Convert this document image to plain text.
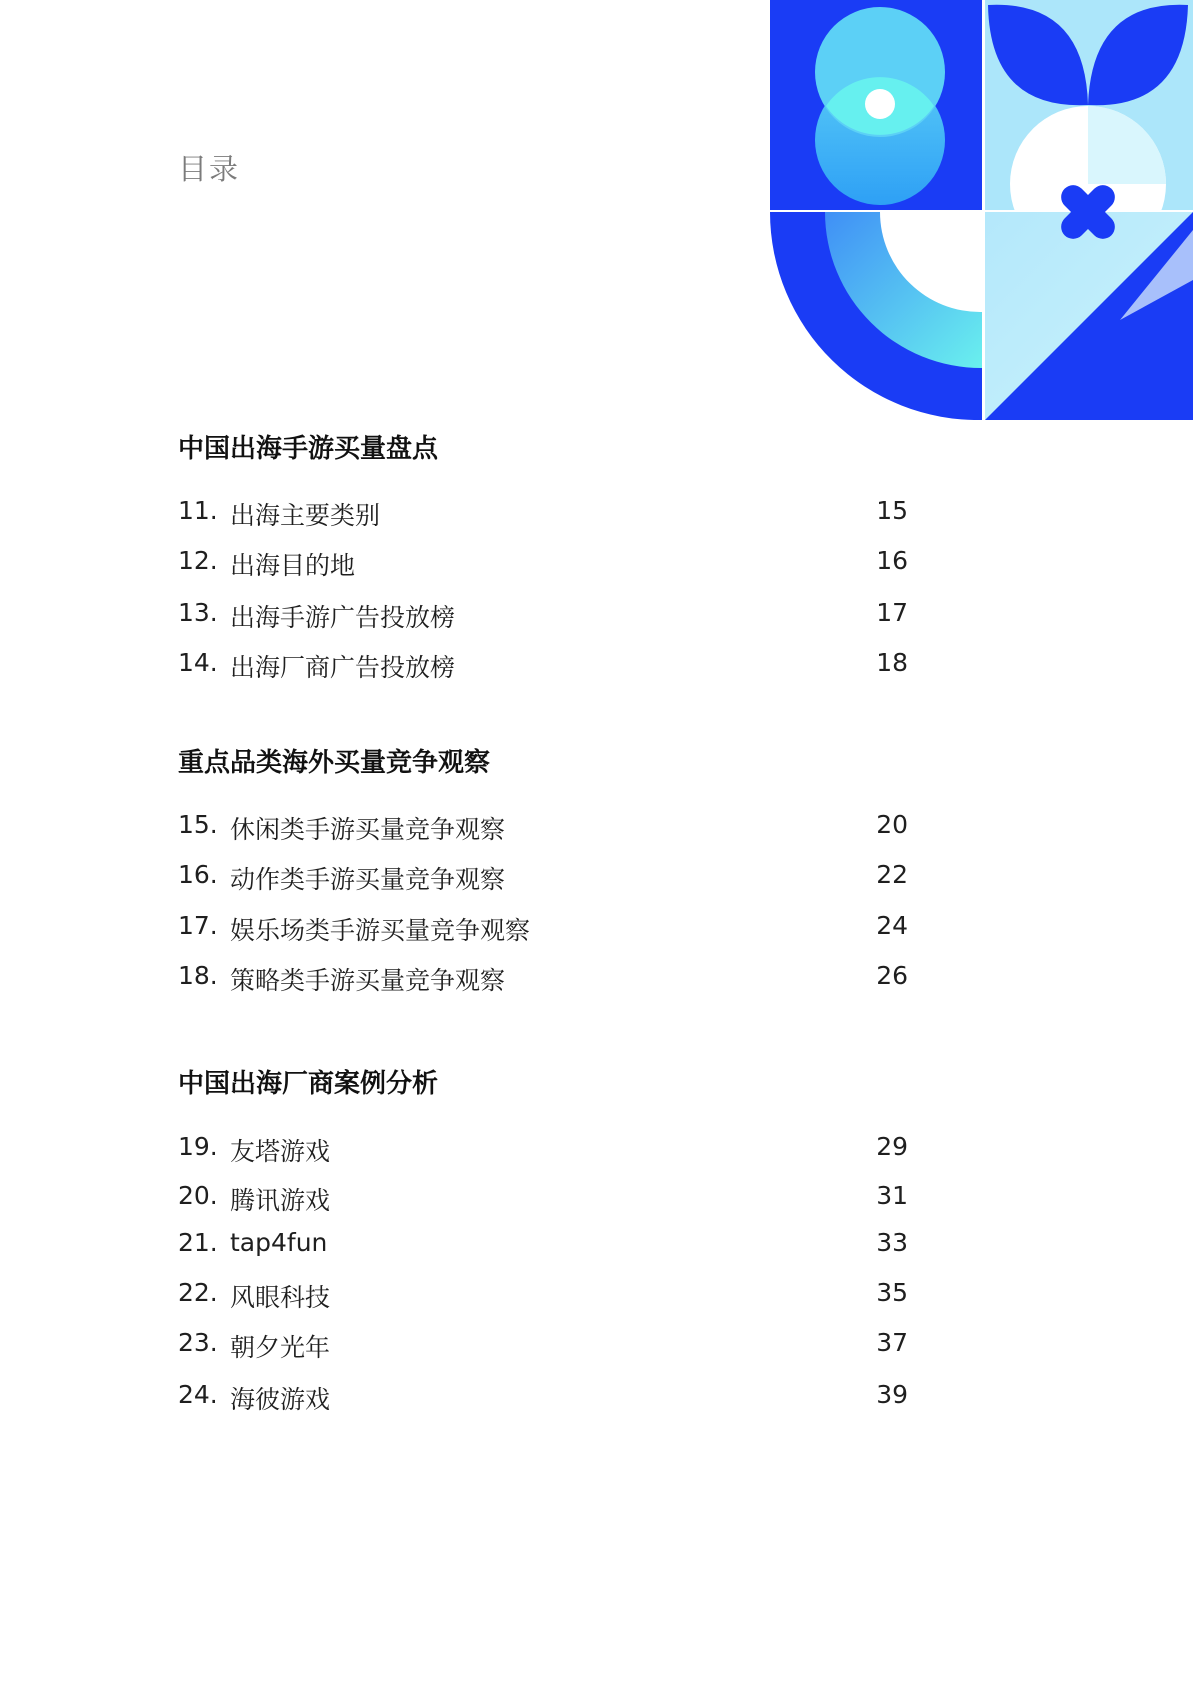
目录
中国出海手游买量盘点
11. 出海主要类别	15
12. 出海目的地	16
13. 出海手游广告投放榜	17
14. 出海厂商广告投放榜	18
重点品类海外买量竞争观察
15. 休闲类手游买量竞争观察	20
16. 动作类手游买量竞争观察	22
17. 娱乐场类手游买量竞争观察	24
18. 策略类手游买量竞争观察	26
中国出海厂商案例分析
19. 友塔游戏	29
20. 腾讯游戏	31
21. tap4fun	33
22. 风眼科技	35
23. 朝夕光年	37
24. 海彼游戏	39
